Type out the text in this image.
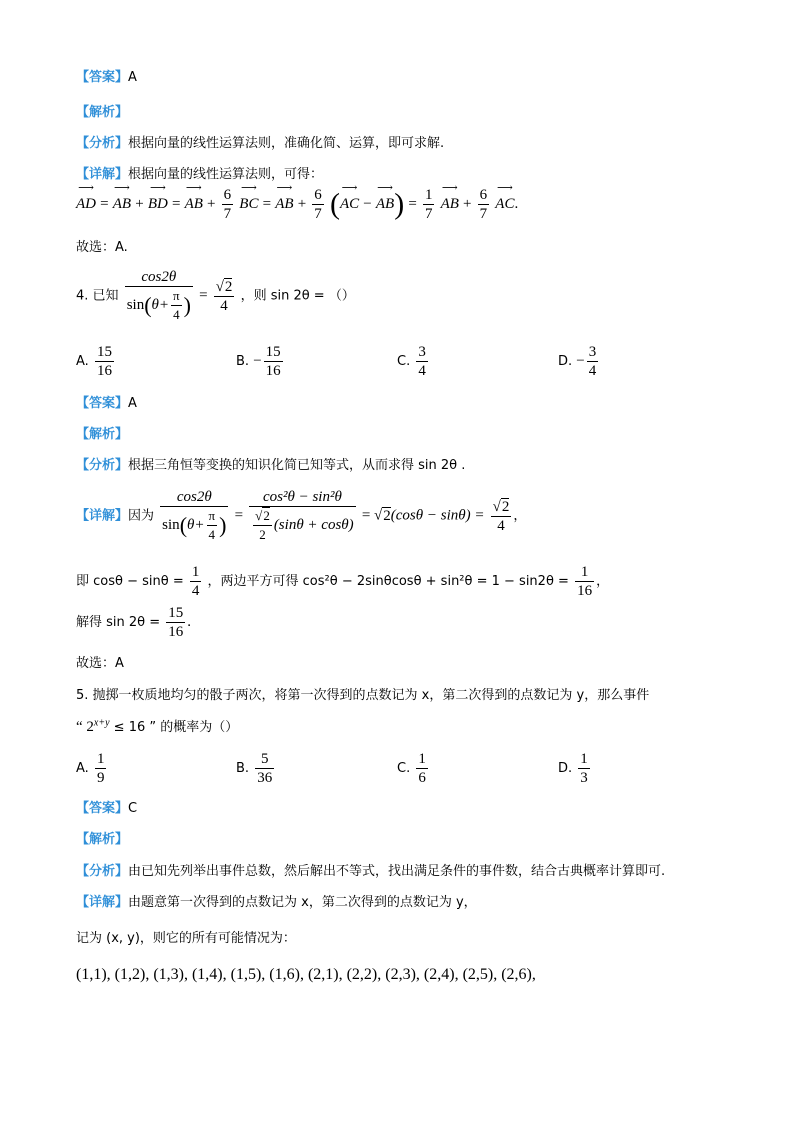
【答案】A
【解析】
【分析】根据向量的线性运算法则，准确化简、运算，即可求解.
【详解】根据向量的线性运算法则，可得：
⟶ AD = ⟶ AB + ⟶ BD = ⟶ AB + $\frac{6}{7}$ ⟶ BC = ⟶ AB + $\frac{6}{7}$ (⟶ AC − ⟶ $AB) = \frac{1}{7}$ ⟶ AB + $\frac{6}{7}$ ⟶ AC.
故选：A.
4. 已知 $\frac{\cos 2\theta}{\sin(\theta+ \frac{\pi}{4} )} = \frac{√2}{4}$ ，则 sin 2θ = （）
A. $\frac{15}{16}$	B. − $\frac{15}{16}$	C. $\frac{3}{4}$	D. − $\frac{3}{4}$
【答案】A
【解析】
【分析】根据三角恒等变换的知识化简已知等式，从而求得 sin 2θ .
【详解】因为 $\frac{\cos 2\theta}{\sin(\theta+ \frac{\pi}{4} )} = \frac{\text{cos²θ − sin²θ}}{\frac{√2}{2} (\sin\theta + \cos\theta)} = √2(\cos\theta - \sin\theta) = \frac{√2}{4}$ ，
即 $\cos\theta - \sin\theta = \frac{1}{4}$ ，两边平方可得 $\cos^2\theta - 2\sin\theta\cos\theta + \sin^2\theta = 1 - \sin 2\theta = \frac{1}{16}$ ，
解得 $\sin 2\theta = \frac{15}{16}$ .
故选：A
5. 抛掷一枚质地均匀的骰子两次，将第一次得到的点数记为 x，第二次得到的点数记为 y，那么事件
“ $2^{x+y} \le 16$ ” 的概率为（）
A. $\frac{1}{9}$	B. $\frac{5}{36}$	C. $\frac{1}{6}$	D. $\frac{1}{3}$
【答案】C
【解析】
【分析】由已知先列举出事件总数，然后解出不等式，找出满足条件的事件数，结合古典概率计算即可.
【详解】由题意第一次得到的点数记为 x，第二次得到的点数记为 y，
记为 (x, y)，则它的所有可能情况为：
(1,1), (1,2), (1,3), (1,4), (1,5), (1,6), (2,1), (2,2), (2,3), (2,4), (2,5), (2,6),
